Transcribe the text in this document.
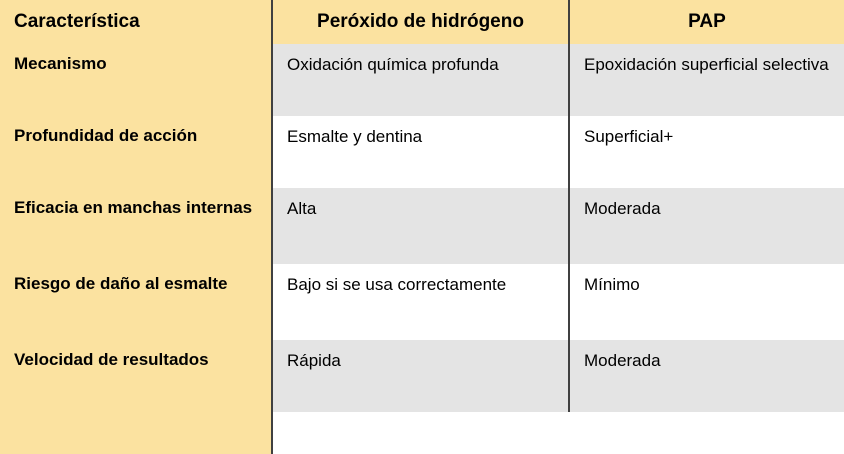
Característica	Peróxido de hidrógeno	PAP
Mecanismo	Oxidación química profunda	Epoxidación superficial selectiva
Profundidad de acción	Esmalte y dentina	Superficial+
Eficacia en manchas internas	Alta	Moderada
Riesgo de daño al esmalte	Bajo si se usa correctamente	Mínimo
Velocidad de resultados	Rápida	Moderada
